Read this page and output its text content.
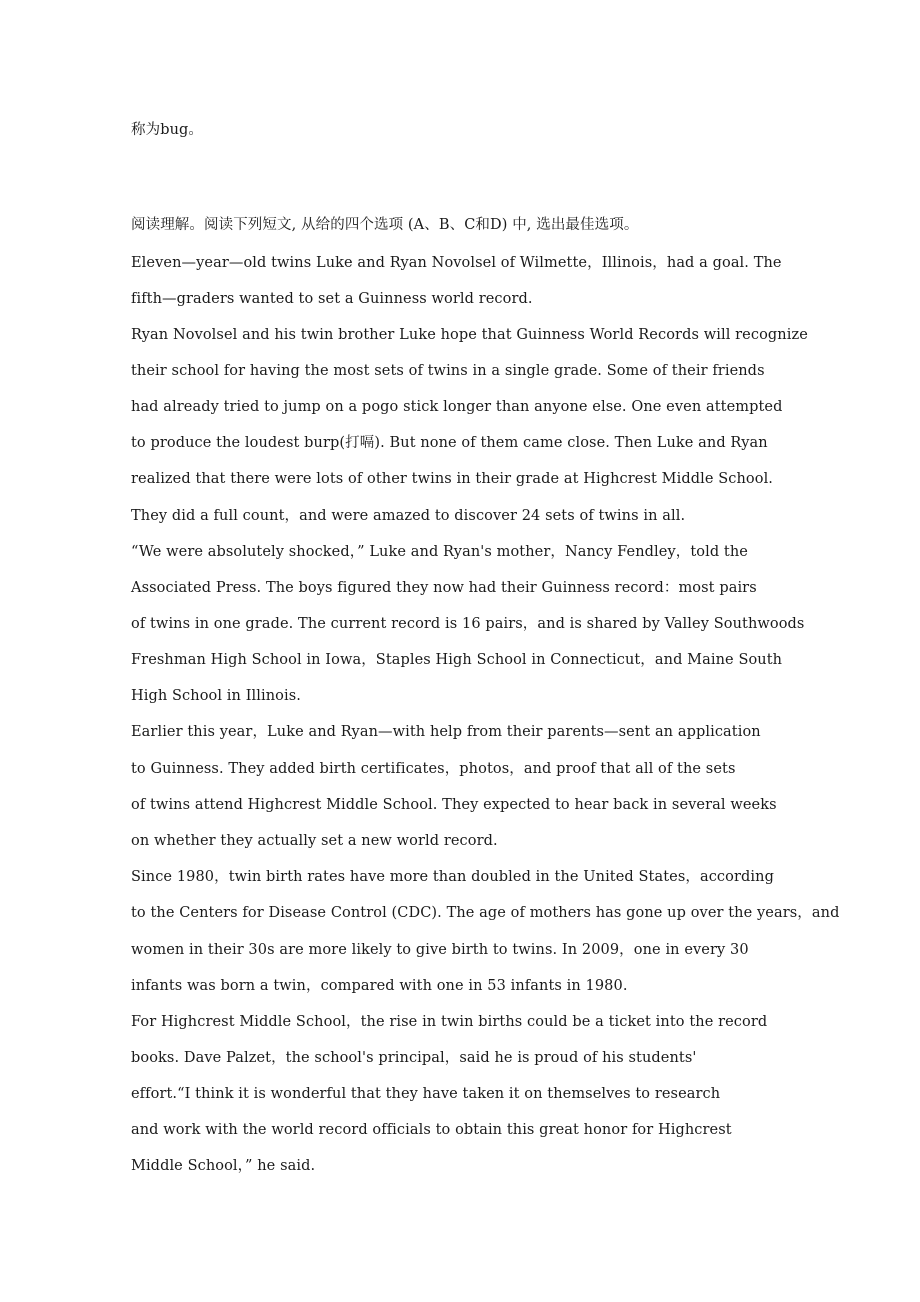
称为bug。
阅读理解。阅读下列短文, 从给的四个选项 (A、B、C和D) 中, 选出最佳选项。
Eleven—year—old twins Luke and Ryan Novolsel of Wilmette，Illinois，had a goal. The
fifth—graders wanted to set a Guinness world record.
Ryan Novolsel and his twin brother Luke hope that Guinness World Records will recognize
their school for having the most sets of twins in a single grade. Some of their friends
had already tried to jump on a pogo stick longer than anyone else. One even attempted
to produce the loudest burp(打嗝). But none of them came close. Then Luke and Ryan
realized that there were lots of other twins in their grade at Highcrest Middle School.
They did a full count，and were amazed to discover 24 sets of twins in all.
“We were absolutely shocked，” Luke and Ryan's mother，Nancy Fendley，told the
Associated Press. The boys figured they now had their Guinness record：most pairs
of twins in one grade. The current record is 16 pairs，and is shared by Valley Southwoods
Freshman High School in Iowa，Staples High School in Connecticut，and Maine South
High School in Illinois.
Earlier this year，Luke and Ryan—with help from their parents—sent an application
to Guinness. They added birth certificates，photos，and proof that all of the sets
of twins attend Highcrest Middle School. They expected to hear back in several weeks
on whether they actually set a new world record.
Since 1980，twin birth rates have more than doubled in the United States，according
to the Centers for Disease Control (CDC). The age of mothers has gone up over the years，and
women in their 30s are more likely to give birth to twins. In 2009，one in every 30
infants was born a twin，compared with one in 53 infants in 1980.
For Highcrest Middle School，the rise in twin births could be a ticket into the record
books. Dave Palzet，the school's principal，said he is proud of his students'
effort.“I think it is wonderful that they have taken it on themselves to research
and work with the world record officials to obtain this great honor for Highcrest
Middle School，” he said.
